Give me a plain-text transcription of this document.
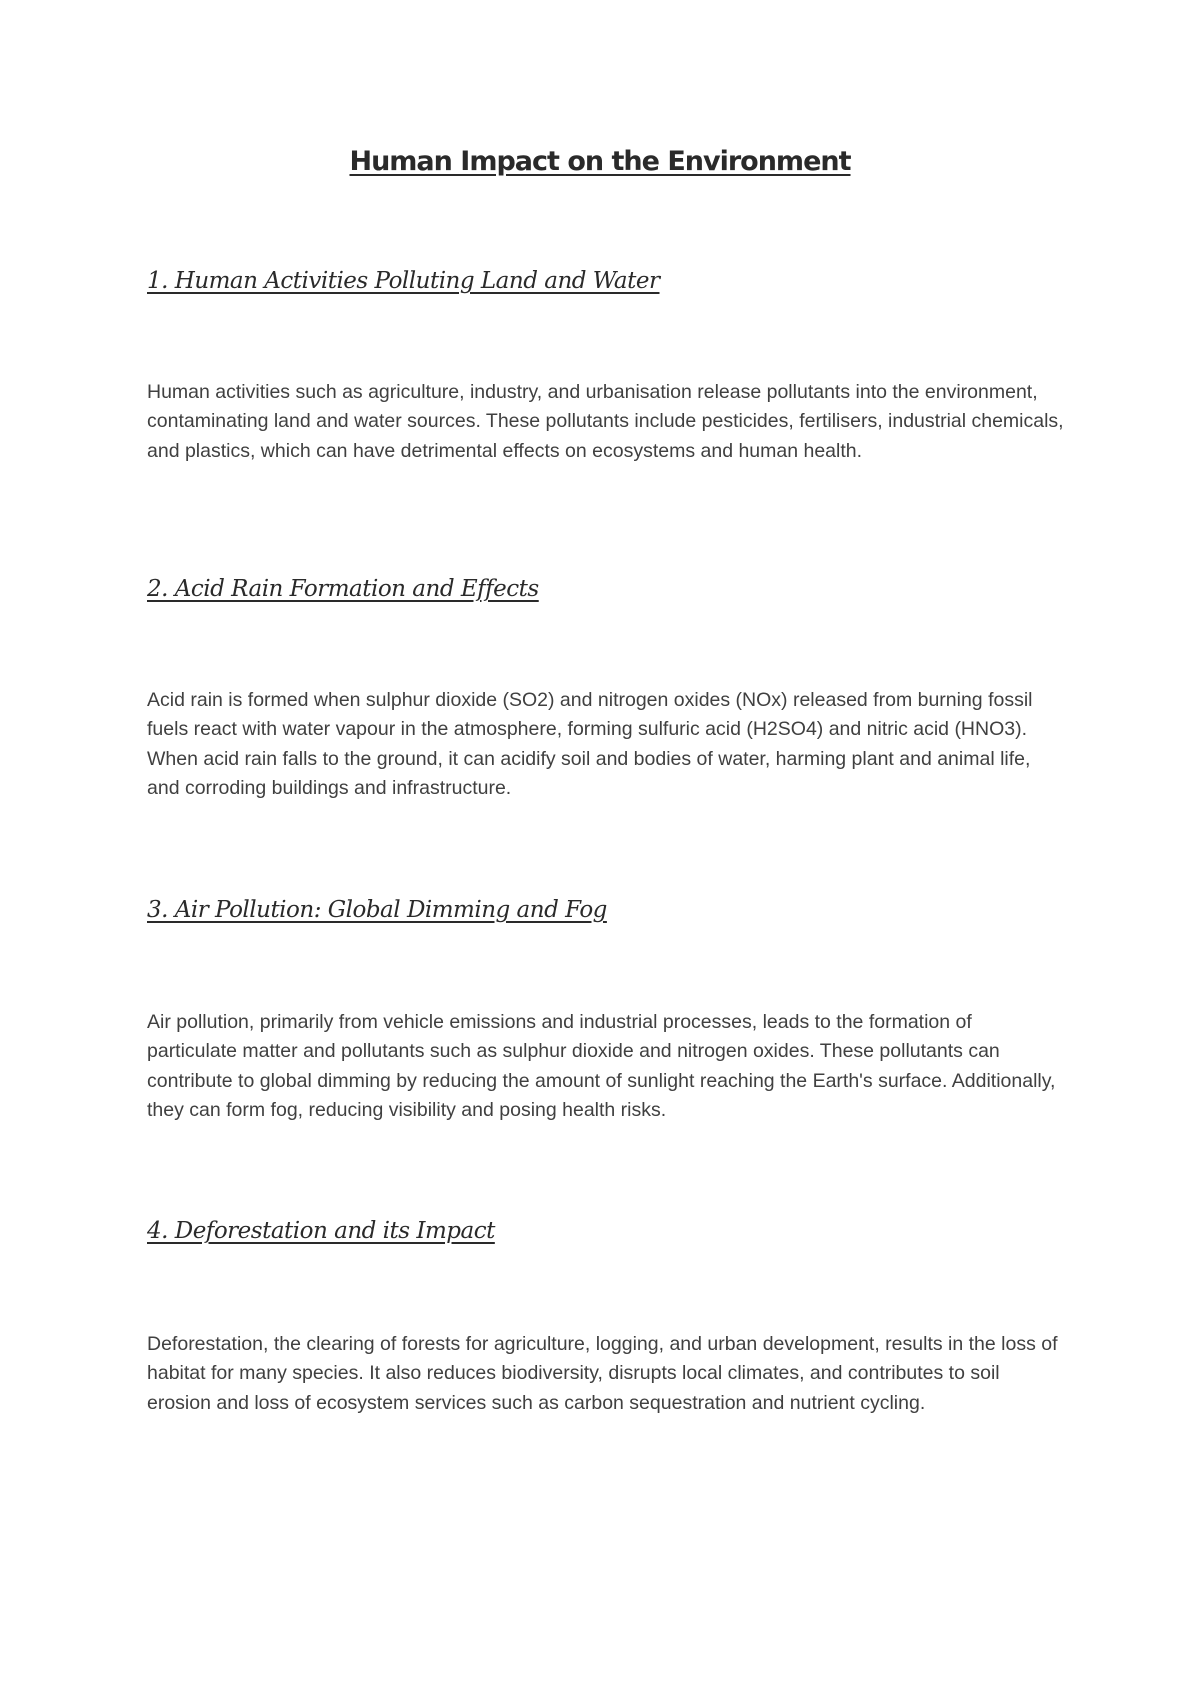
Human Impact on the Environment
1. Human Activities Polluting Land and Water

Human activities such as agriculture, industry, and urbanisation release pollutants into the environment, contaminating land and water sources. These pollutants include pesticides, fertilisers, industrial chemicals, and plastics, which can have detrimental effects on ecosystems and human health.

2. Acid Rain Formation and Effects

Acid rain is formed when sulphur dioxide (SO2) and nitrogen oxides (NOx) released from burning fossil fuels react with water vapour in the atmosphere, forming sulfuric acid (H2SO4) and nitric acid (HNO3). When acid rain falls to the ground, it can acidify soil and bodies of water, harming plant and animal life, and corroding buildings and infrastructure.

3. Air Pollution: Global Dimming and Fog

Air pollution, primarily from vehicle emissions and industrial processes, leads to the formation of particulate matter and pollutants such as sulphur dioxide and nitrogen oxides. These pollutants can contribute to global dimming by reducing the amount of sunlight reaching the Earth's surface. Additionally, they can form fog, reducing visibility and posing health risks.

4. Deforestation and its Impact

Deforestation, the clearing of forests for agriculture, logging, and urban development, results in the loss of habitat for many species. It also reduces biodiversity, disrupts local climates, and contributes to soil erosion and loss of ecosystem services such as carbon sequestration and nutrient cycling.
